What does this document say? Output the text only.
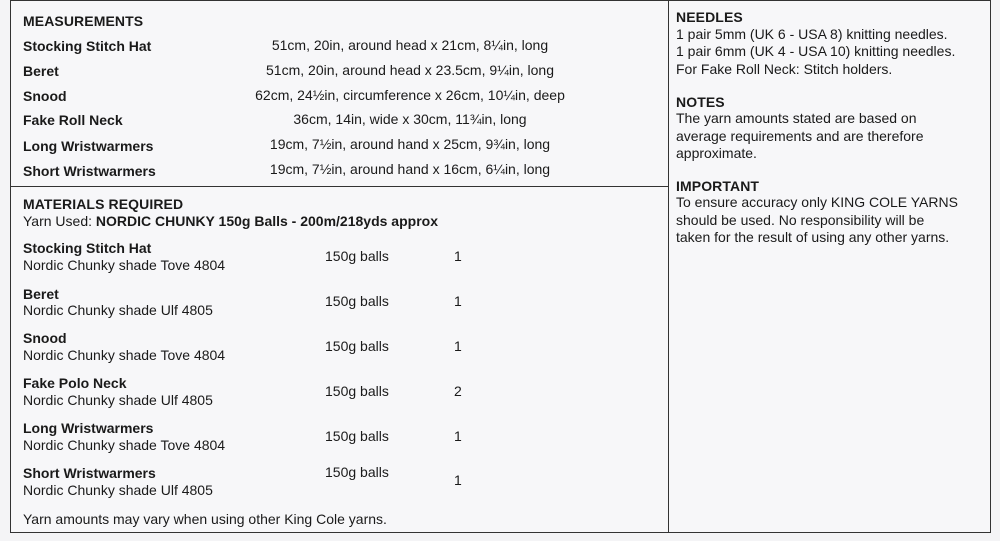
MEASUREMENTS
Stocking Stitch Hat	51cm, 20in, around head x 21cm, 8¼in, long
Beret	51cm, 20in, around head x 23.5cm, 9¼in, long
Snood	62cm, 24½in, circumference x 26cm, 10¼in, deep
Fake Roll Neck	36cm, 14in, wide x 30cm, 11¾in, long
Long Wristwarmers	19cm, 7½in, around hand x 25cm, 9¾in, long
Short Wristwarmers	19cm, 7½in, around hand x 16cm, 6¼in, long
MATERIALS REQUIRED
Yarn Used: NORDIC CHUNKY 150g Balls - 200m/218yds approx
Stocking Stitch Hat
Nordic Chunky shade Tove 4804
150g balls	1
Beret
Nordic Chunky shade Ulf 4805
150g balls	1
Snood
Nordic Chunky shade Tove 4804
150g balls	1
Fake Polo Neck
Nordic Chunky shade Ulf 4805
150g balls	2
Long Wristwarmers
Nordic Chunky shade Tove 4804
150g balls	1
Short Wristwarmers
Nordic Chunky shade Ulf 4805
150g balls	1
Yarn amounts may vary when using other King Cole yarns.
NEEDLES
1 pair 5mm (UK 6 - USA 8) knitting needles.
1 pair 6mm (UK 4 - USA 10) knitting needles.
For Fake Roll Neck: Stitch holders.
NOTES
The yarn amounts stated are based on
average requirements and are therefore
approximate.
IMPORTANT
To ensure accuracy only KING COLE YARNS
should be used. No responsibility will be
taken for the result of using any other yarns.
